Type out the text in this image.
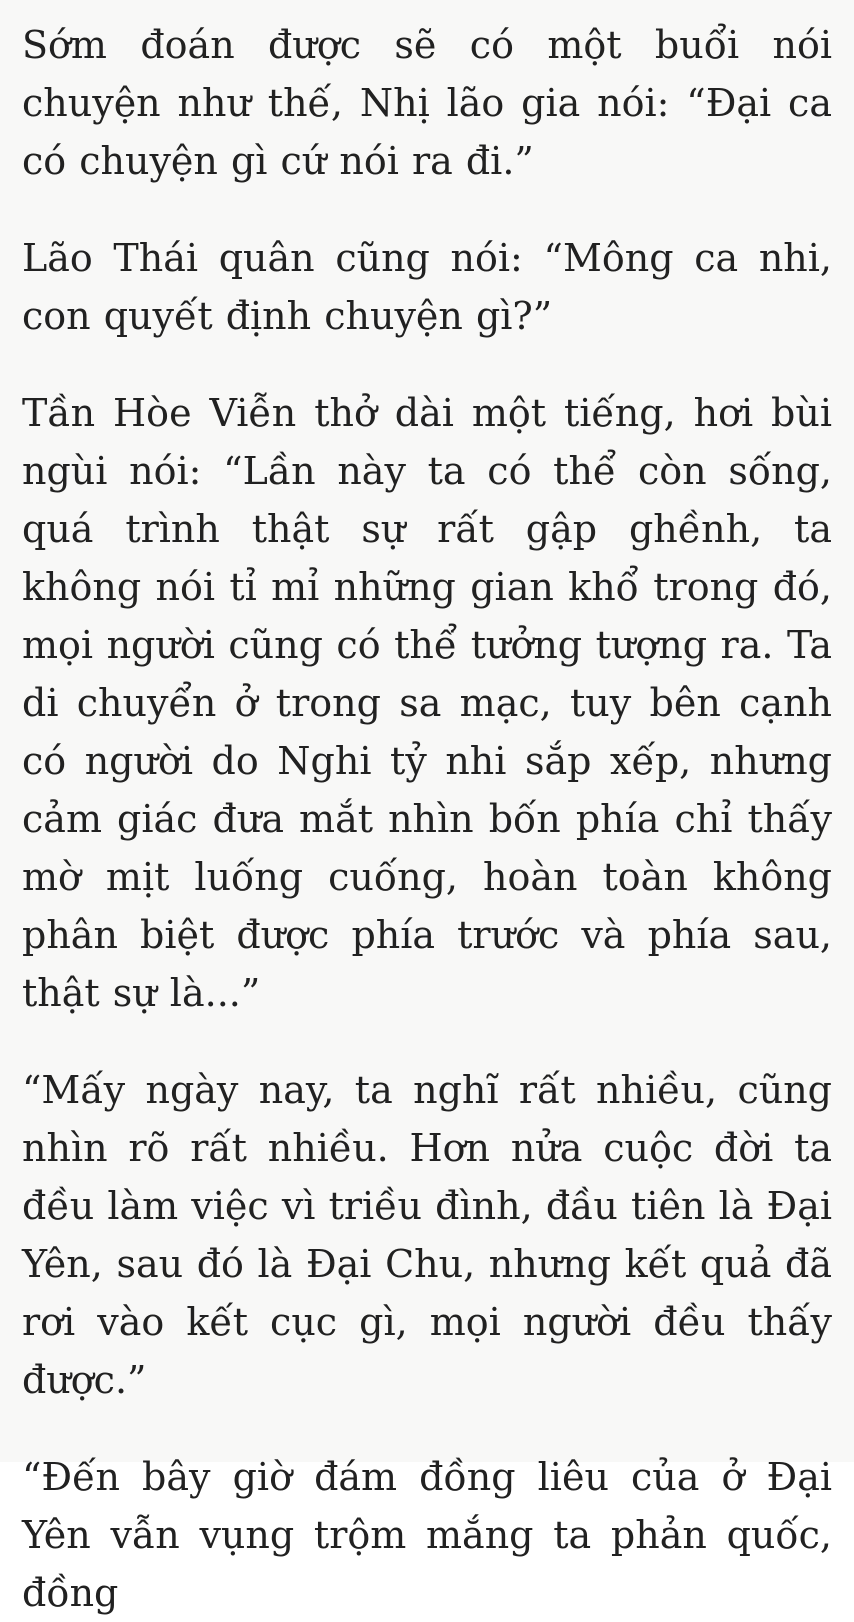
Sớm đoán được sẽ có một buổi nói chuyện như thế, Nhị lão gia nói: “Đại ca có chuyện gì cứ nói ra đi.”

Lão Thái quân cũng nói: “Mông ca nhi, con quyết định chuyện gì?”

Tần Hòe Viễn thở dài một tiếng, hơi bùi ngùi nói: “Lần này ta có thể còn sống, quá trình thật sự rất gập ghềnh, ta không nói tỉ mỉ những gian khổ trong đó, mọi người cũng có thể tưởng tượng ra. Ta di chuyển ở trong sa mạc, tuy bên cạnh có người do Nghi tỷ nhi sắp xếp, nhưng cảm giác đưa mắt nhìn bốn phía chỉ thấy mờ mịt luống cuống, hoàn toàn không phân biệt được phía trước và phía sau, thật sự là...”

“Mấy ngày nay, ta nghĩ rất nhiều, cũng nhìn rõ rất nhiều. Hơn nửa cuộc đời ta đều làm việc vì triều đình, đầu tiên là Đại Yên, sau đó là Đại Chu, nhưng kết quả đã rơi vào kết cục gì, mọi người đều thấy được.”

“Đến bây giờ đám đồng liêu của ở Đại Yên vẫn vụng trộm mắng ta phản quốc, đồng
